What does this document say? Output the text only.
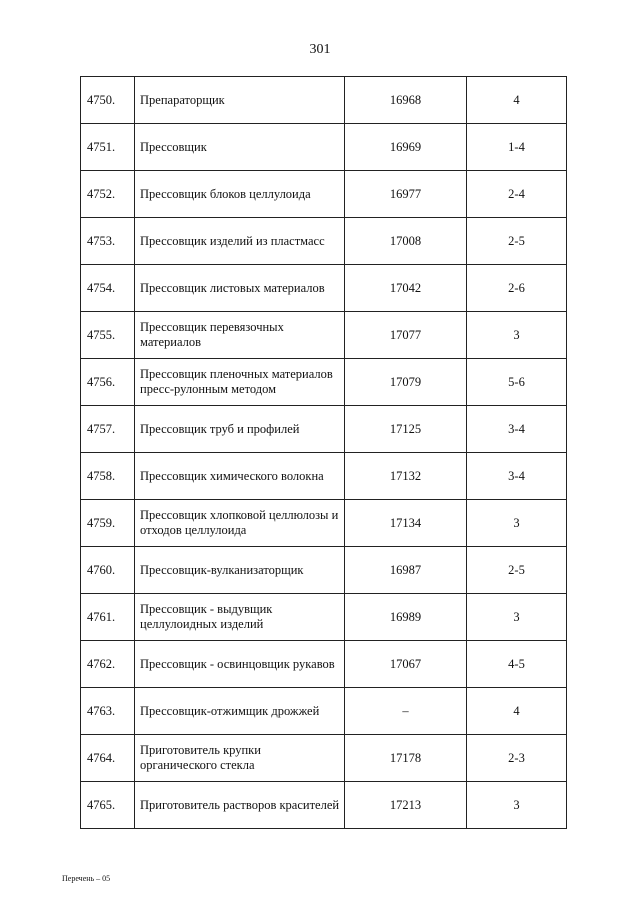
301
4750.	Препараторщик	16968	4
4751.	Прессовщик	16969	1-4
4752.	Прессовщик блоков целлулоида	16977	2-4
4753.	Прессовщик изделий из пластмасс	17008	2-5
4754.	Прессовщик листовых материалов	17042	2-6
4755.	Прессовщик перевязочных материалов	17077	3
4756.	Прессовщик пленочных материалов пресс-рулонным методом	17079	5-6
4757.	Прессовщик труб и профилей	17125	3-4
4758.	Прессовщик химического волокна	17132	3-4
4759.	Прессовщик хлопковой целлюлозы и отходов целлулоида	17134	3
4760.	Прессовщик-вулканизаторщик	16987	2-5
4761.	Прессовщик - выдувщик целлулоидных изделий	16989	3
4762.	Прессовщик - освинцовщик рукавов	17067	4-5
4763.	Прессовщик-отжимщик дрожжей	–	4
4764.	Приготовитель крупки органического стекла	17178	2-3
4765.	Приготовитель растворов красителей	17213	3
Перечень – 05
